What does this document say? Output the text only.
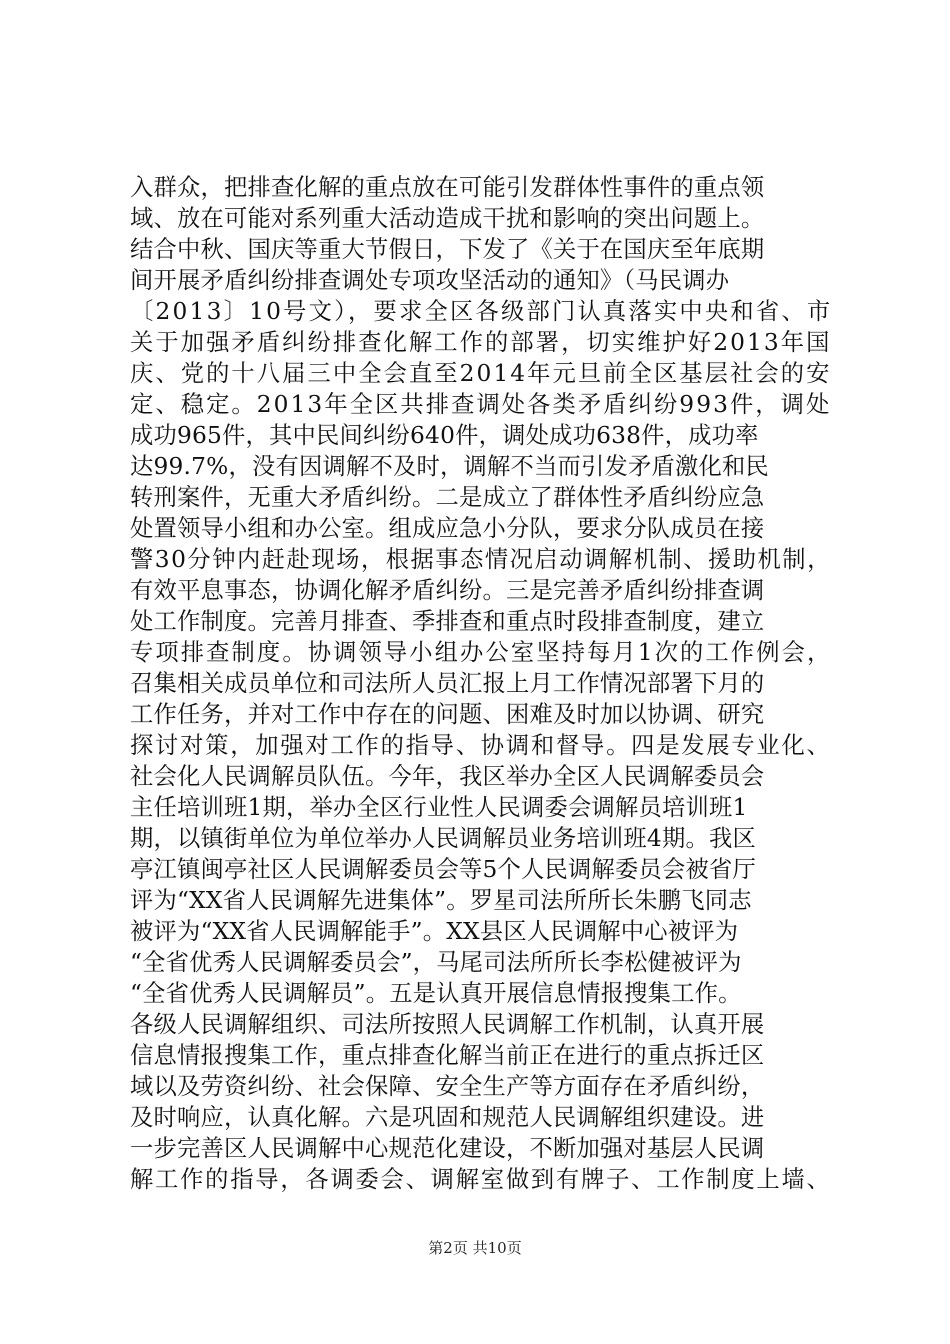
入群众，把排查化解的重点放在可能引发群体性事件的重点领
域、放在可能对系列重大活动造成干扰和影响的突出问题上。
结合中秋、国庆等重大节假日，下发了《关于在国庆至年底期
间开展矛盾纠纷排查调处专项攻坚活动的通知》（马民调办
〔2013〕10号文），要求全区各级部门认真落实中央和省、市
关于加强矛盾纠纷排查化解工作的部署，切实维护好2013年国
庆、党的十八届三中全会直至2014年元旦前全区基层社会的安
定、稳定。2013年全区共排查调处各类矛盾纠纷993件，调处
成功965件，其中民间纠纷640件，调处成功638件，成功率
达99.7%，没有因调解不及时，调解不当而引发矛盾激化和民
转刑案件，无重大矛盾纠纷。二是成立了群体性矛盾纠纷应急
处置领导小组和办公室。组成应急小分队，要求分队成员在接
警30分钟内赶赴现场，根据事态情况启动调解机制、援助机制，
有效平息事态，协调化解矛盾纠纷。三是完善矛盾纠纷排查调
处工作制度。完善月排查、季排查和重点时段排查制度，建立
专项排查制度。协调领导小组办公室坚持每月1次的工作例会，
召集相关成员单位和司法所人员汇报上月工作情况部署下月的
工作任务，并对工作中存在的问题、困难及时加以协调、研究
探讨对策，加强对工作的指导、协调和督导。四是发展专业化、
社会化人民调解员队伍。今年，我区举办全区人民调解委员会
主任培训班1期，举办全区行业性人民调委会调解员培训班1
期，以镇街单位为单位举办人民调解员业务培训班4期。我区
亭江镇闽亭社区人民调解委员会等5个人民调解委员会被省厅
评为“XX省人民调解先进集体”。罗星司法所所长朱鹏飞同志
被评为“XX省人民调解能手”。XX县区人民调解中心被评为
“全省优秀人民调解委员会”，马尾司法所所长李松健被评为
“全省优秀人民调解员”。五是认真开展信息情报搜集工作。
各级人民调解组织、司法所按照人民调解工作机制，认真开展
信息情报搜集工作，重点排查化解当前正在进行的重点拆迁区
域以及劳资纠纷、社会保障、安全生产等方面存在矛盾纠纷，
及时响应，认真化解。六是巩固和规范人民调解组织建设。进
一步完善区人民调解中心规范化建设，不断加强对基层人民调
解工作的指导，各调委会、调解室做到有牌子、工作制度上墙、
第2页 共10页
